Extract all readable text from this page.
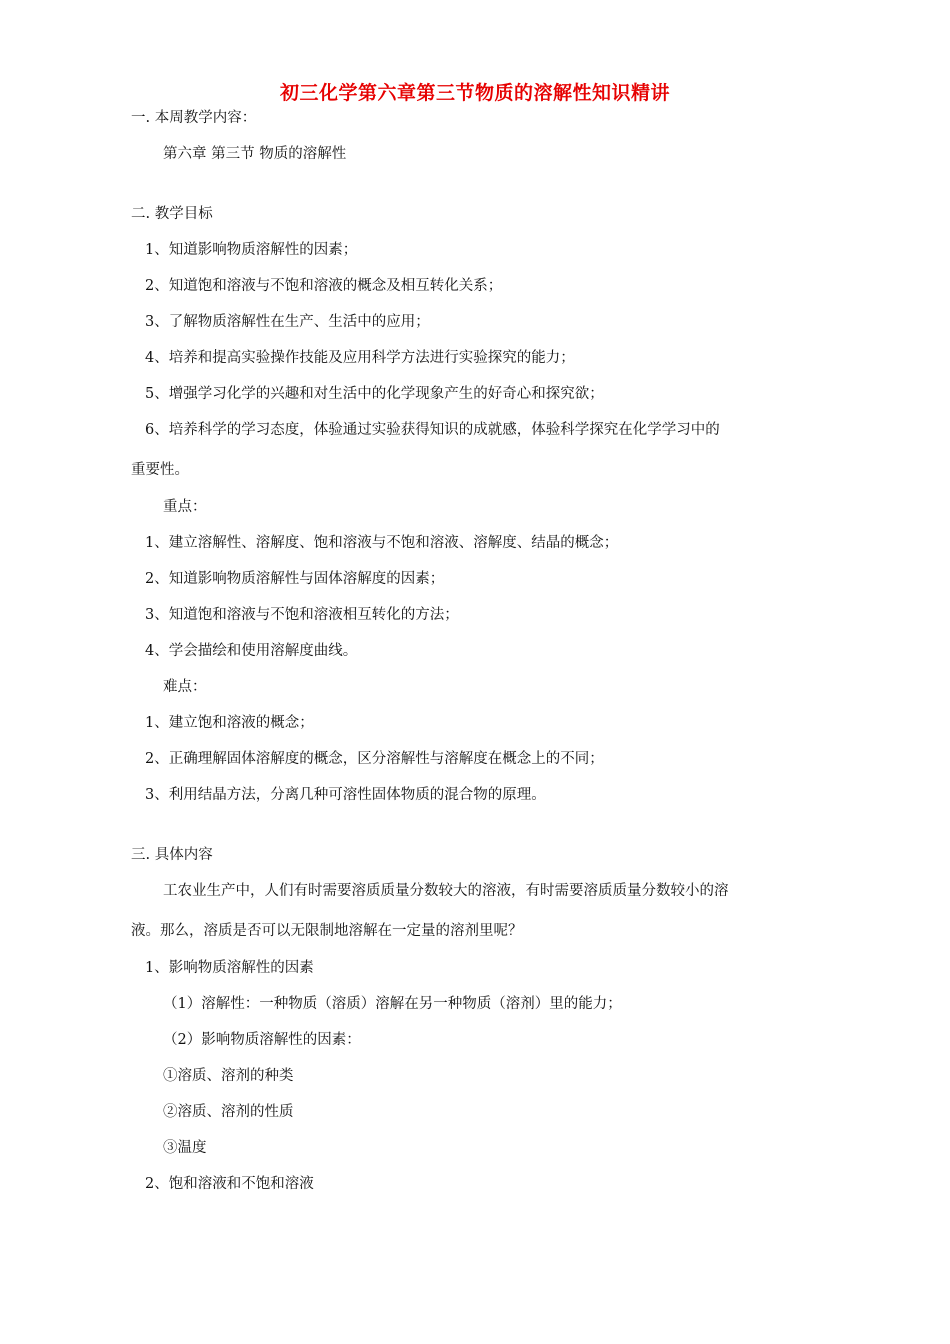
初三化学第六章第三节物质的溶解性知识精讲
一. 本周教学内容：
第六章 第三节 物质的溶解性
二. 教学目标
1、知道影响物质溶解性的因素；
2、知道饱和溶液与不饱和溶液的概念及相互转化关系；
3、了解物质溶解性在生产、生活中的应用；
4、培养和提高实验操作技能及应用科学方法进行实验探究的能力；
5、增强学习化学的兴趣和对生活中的化学现象产生的好奇心和探究欲；
6、培养科学的学习态度，体验通过实验获得知识的成就感，体验科学探究在化学学习中的
重要性。
重点：
1、建立溶解性、溶解度、饱和溶液与不饱和溶液、溶解度、结晶的概念；
2、知道影响物质溶解性与固体溶解度的因素；
3、知道饱和溶液与不饱和溶液相互转化的方法；
4、学会描绘和使用溶解度曲线。
难点：
1、建立饱和溶液的概念；
2、正确理解固体溶解度的概念，区分溶解性与溶解度在概念上的不同；
3、利用结晶方法，分离几种可溶性固体物质的混合物的原理。
三. 具体内容
工农业生产中，人们有时需要溶质质量分数较大的溶液，有时需要溶质质量分数较小的溶
液。那么，溶质是否可以无限制地溶解在一定量的溶剂里呢？
1、影响物质溶解性的因素
（1）溶解性：一种物质（溶质）溶解在另一种物质（溶剂）里的能力；
（2）影响物质溶解性的因素：
①溶质、溶剂的种类
②溶质、溶剂的性质
③温度
2、饱和溶液和不饱和溶液
